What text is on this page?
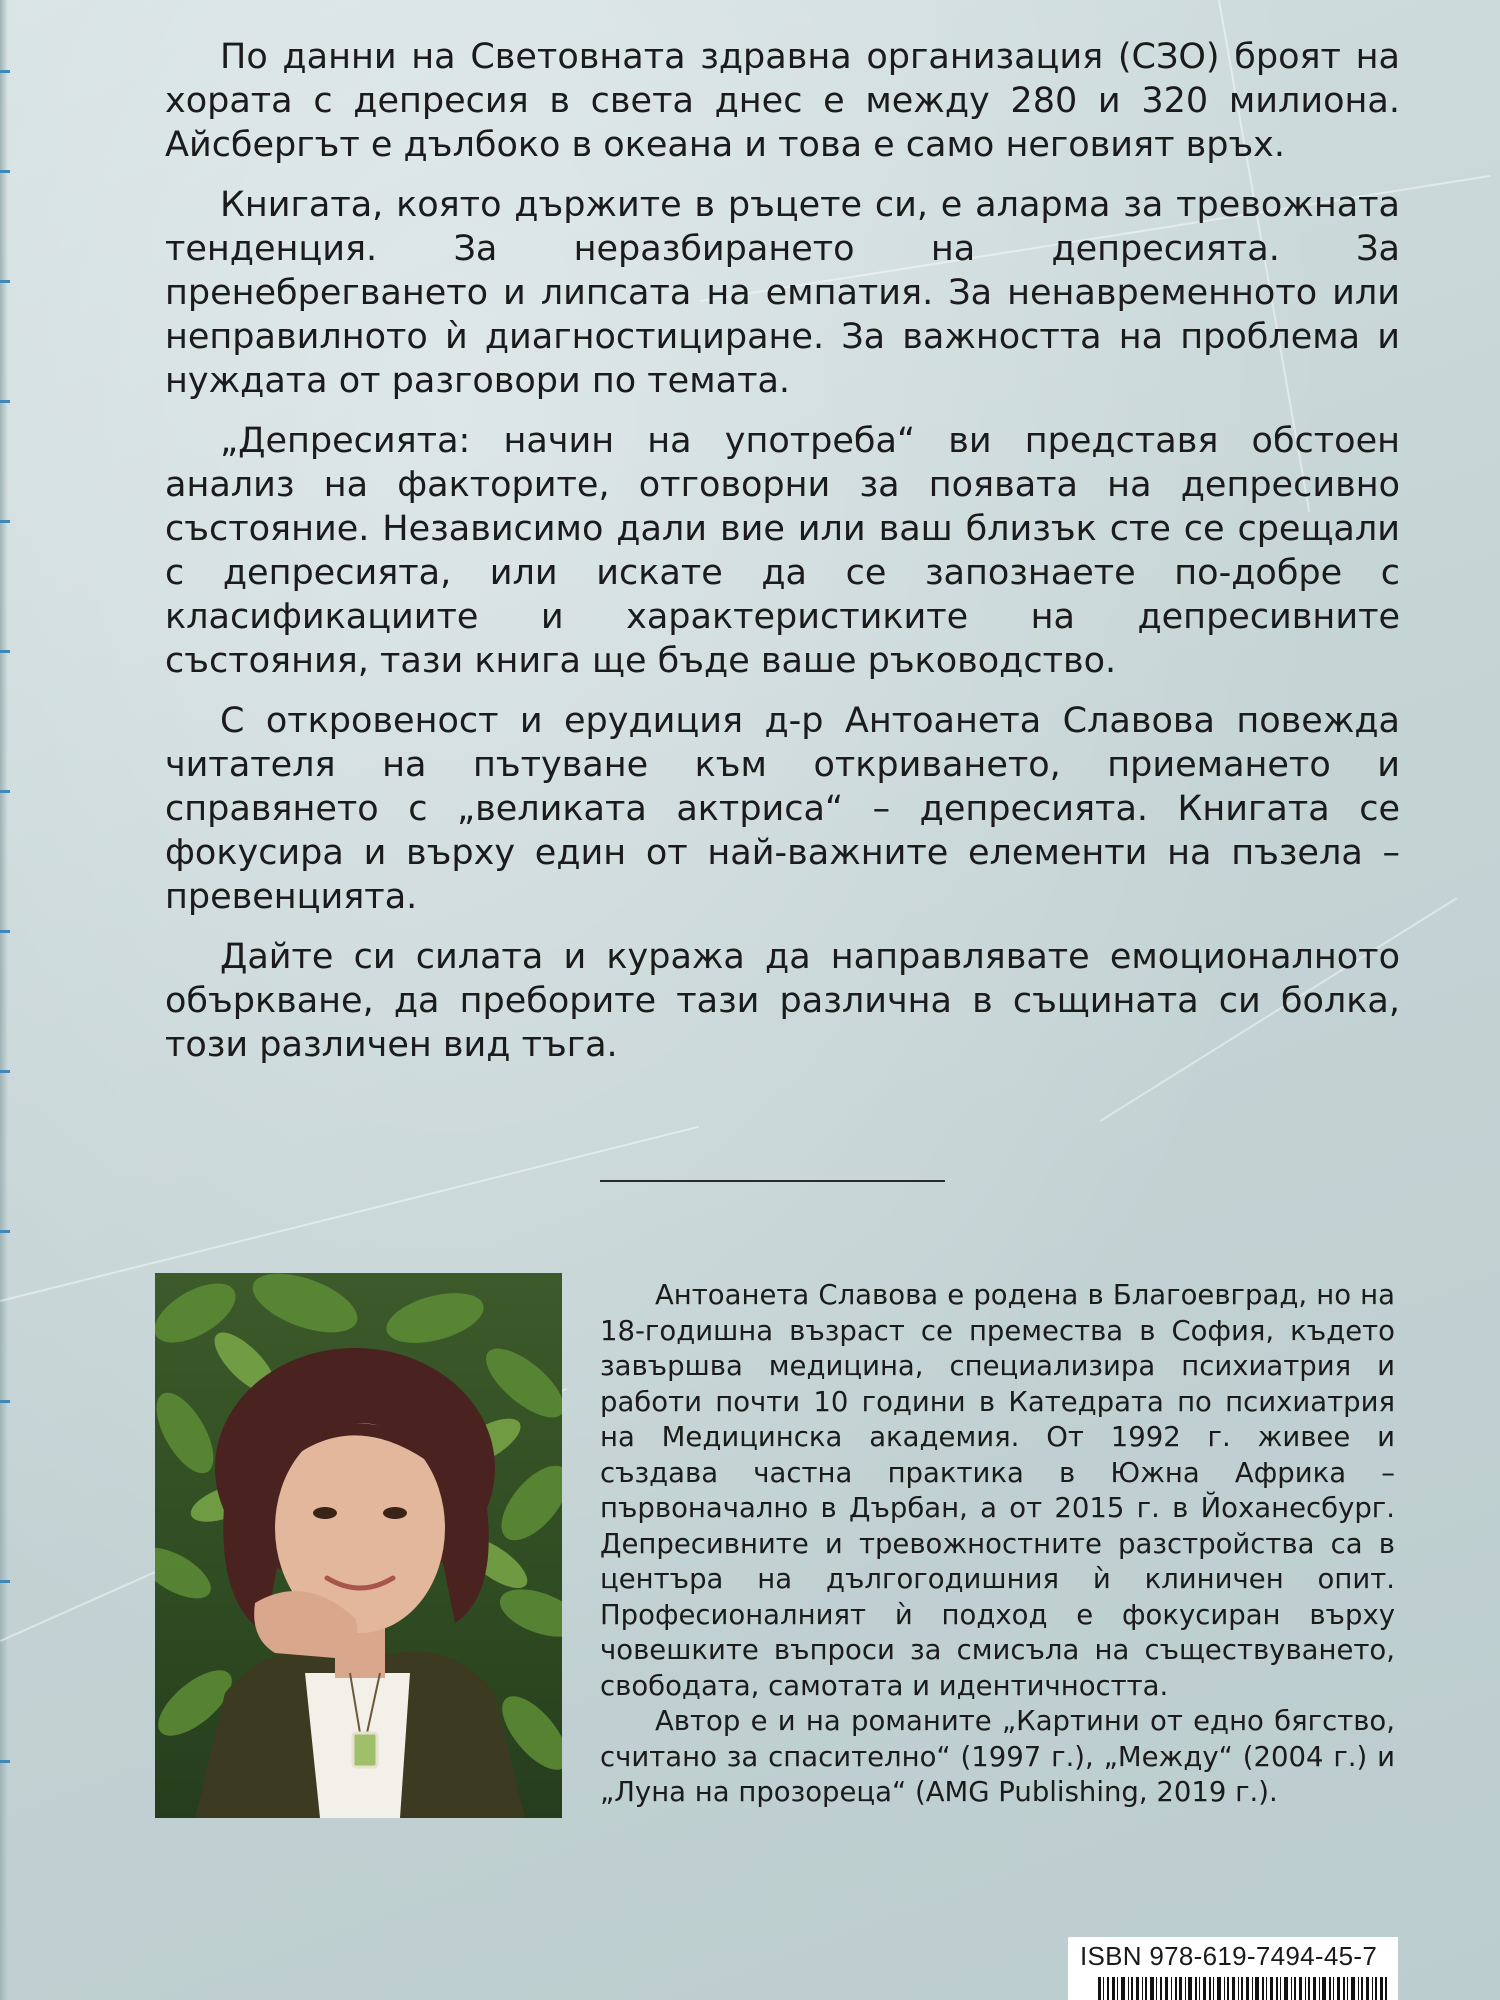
По данни на Световната здравна организация (СЗО) броят на хората с депресия в света днес е между 280 и 320 милиона. Айсбергът е дълбоко в океана и това е само неговият връх.

Книгата, която държите в ръцете си, е аларма за тревожната тенденция. За неразбирането на депресията. За пренебрегването и липсата на емпатия. За ненавременното или неправилното ѝ диагностициране. За важността на проблема и нуждата от разговори по темата.

„Депресията: начин на употреба“ ви представя обстоен анализ на факторите, отговорни за появата на депресивно състояние. Независимо дали вие или ваш близък сте се срещали с депресията, или искате да се запознаете по-добре с класификациите и характеристиките на депресивните състояния, тази книга ще бъде ваше ръководство.

С откровеност и ерудиция д-р Антоанета Славова повежда читателя на пътуване към откриването, приемането и справянето с „великата актриса“ – депресията. Книгата се фокусира и върху един от най-важните елементи на пъзела – превенцията.

Дайте си силата и куража да направлявате емоционалното объркване, да преборите тази различна в същината си болка, този различен вид тъга.

Антоанета Славова е родена в Благоевград, но на 18-годишна възраст се премества в София, където завършва медицина, специализира психиатрия и работи почти 10 години в Катедрата по психиатрия на Медицинска академия. От 1992 г. живее и създава частна практика в Южна Африка – първоначално в Дърбан, а от 2015 г. в Йоханесбург. Депресивните и тревожностните разстройства са в центъра на дългогодишния ѝ клиничен опит. Професионалният ѝ подход е фокусиран върху човешките въпроси за смисъла на съществуването, свободата, самотата и идентичността.

Автор е и на романите „Картини от едно бягство, считано за спасително“ (1997 г.), „Между“ (2004 г.) и „Луна на прозореца“ (AMG Publishing, 2019 г.).

ISBN 978-619-7494-45-7
